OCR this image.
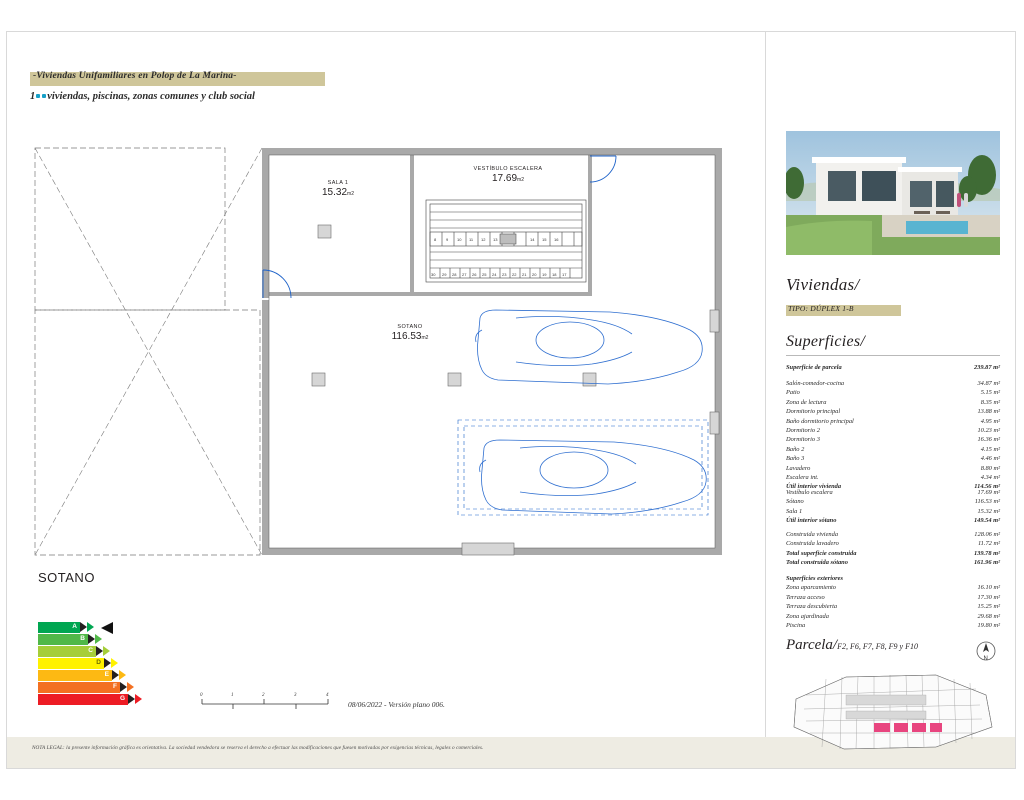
-Viviendas Unifamiliares en Polop de La Marina-
1 viviendas, piscinas, zonas comunes y club social
8 9 10 11 12 13	14 15 16
30 29 28 27 26 25 24 23 22 21 20 19 18 17
SALA 1
15.32m2
VESTÍBULO ESCALERA
17.69m2
SOTANO
116.53m2
SOTANO
A
B
C
D
E
F
G	0	1	2	3	4
08/06/2022 - Versión plano 006.
NOTA LEGAL: la presente información gráfica es orientativa. La sociedad vendedora se reserva el derecho a efectuar las modificaciones que fuesen motivadas por exigencias técnicas, legales o comerciales.
Viviendas/
TIPO: DÚPLEX 1-B
Superficies/
Superficie de parcela	239.87 m²
Salón-comedor-cocina	34.87 m²
Patio	5.15 m²
Zona de lectura	8.35 m²
Dormitorio principal	13.88 m²
Baño dormitorio principal	4.95 m²
Dormitorio 2	10.23 m²
Dormitorio 3	16.36 m²
Baño 2	4.15 m²
Baño 3	4.46 m²
Lavadero	8.80 m²
Escalera int.	4.34 m²
Útil interior vivienda	114.56 m²
Vestíbulo escalera	17.69 m²
Sótano	116.53 m²
Sala 1	15.32 m²
Útil interior sótano	149.54 m²
Construida vivienda	128.06 m²
Construida lavadero	11.72 m²
Total superficie construida	139.78 m²
Total construida sótano	161.96 m²
Superficies exteriores
Zona aparcamiento	16.10 m²
Terraza acceso	17.30 m²
Terraza descubierta	15.25 m²
Zona ajardinada	29.68 m²
Piscina	19.80 m²
Parcela/F2, F6, F7, F8, F9 y F10
N
